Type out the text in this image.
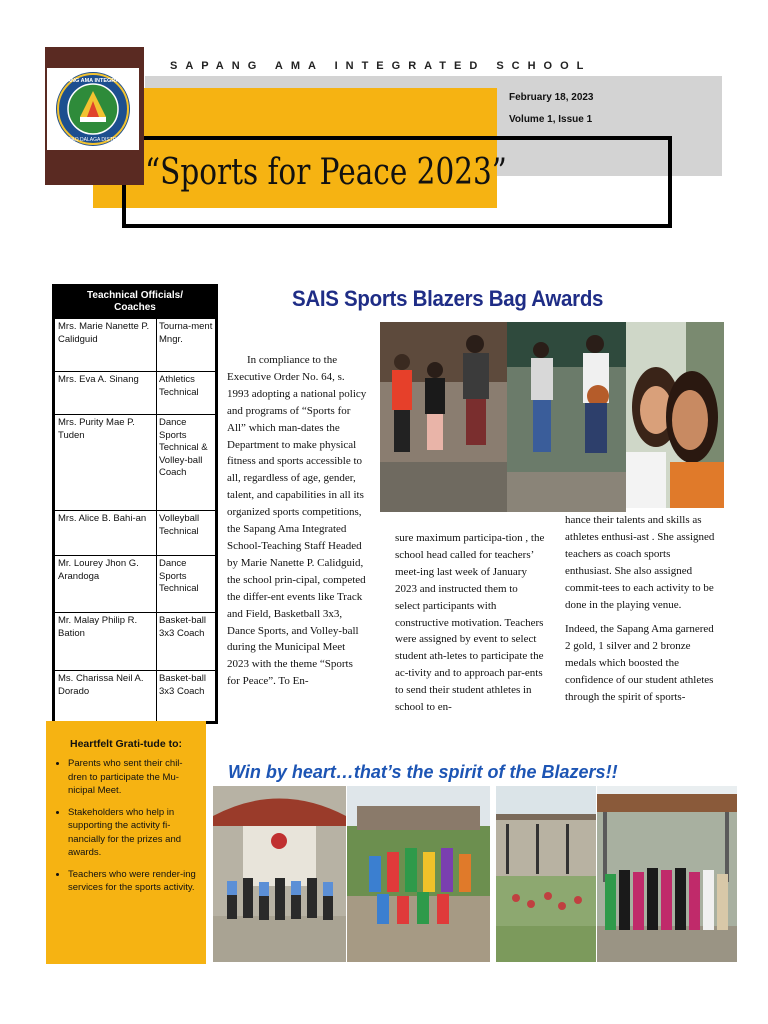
SAPANG AMA INTEGRATED
DAPAO DALAGA DISTRICT
SAPANG AMA INTEGRATED SCHOOL
February 18, 2023
Volume 1, Issue 1
“Sports for Peace 2023”
Teachnical Officials/
Coaches
Mrs. Marie Nanette P. Calidguid
Tourna-ment Mngr.
Mrs. Eva A. Sinang	Athletics Technical
Mrs. Purity Mae P. Tuden
Dance Sports Technical & Volley-ball Coach
Mrs. Alice B. Bahi-an	Volleyball Technical
Mr. Lourey Jhon G. Arandoga
Dance Sports Technical
Mr. Malay Philip R. Bation
Basket-ball 3x3 Coach
Ms. Charissa Neil A. Dorado
Basket-ball 3x3 Coach
Heartfelt Grati-tude to:
• Parents who sent their chil-dren to participate the Mu-nicipal Meet.
• Stakeholders who help in supporting the activity fi-nancially for the prizes and awards.
• Teachers who were render-ing services for the sports activity.
SAIS Sports Blazers Bag Awards
In compliance to the Executive Order No. 64, s. 1993 adopting a national policy and programs of “Sports for All” which man-dates the Department to make physical fitness and sports accessible to all, regardless of age, gender, talent, and capabilities in all its organized sports competitions, the Sapang Ama Integrated School-Teaching Staff Headed by Marie Nanette P. Calidguid, the school prin-cipal, competed the differ-ent events like Track and Field, Basketball 3x3, Dance Sports, and Volley-ball during the Municipal Meet 2023 with the theme “Sports for Peace”. To En-
sure maximum participa-tion , the school head called for teachers’ meet-ing last week of January 2023 and instructed them to select participants with constructive motivation. Teachers were assigned by event to select student ath-letes to participate the ac-tivity and to approach par-ents to send their student athletes in school to en-

hance their talents and skills as athletes enthusi-ast . She assigned teachers as coach sports enthusiast. She also assigned commit-tees to each activity to be done in the playing venue.

Indeed, the Sapang Ama garnered 2 gold, 1 silver and 2 bronze medals which boosted the confidence of our student athletes through the spirit of sports-

Win by heart…that’s the spirit of the Blazers!!
